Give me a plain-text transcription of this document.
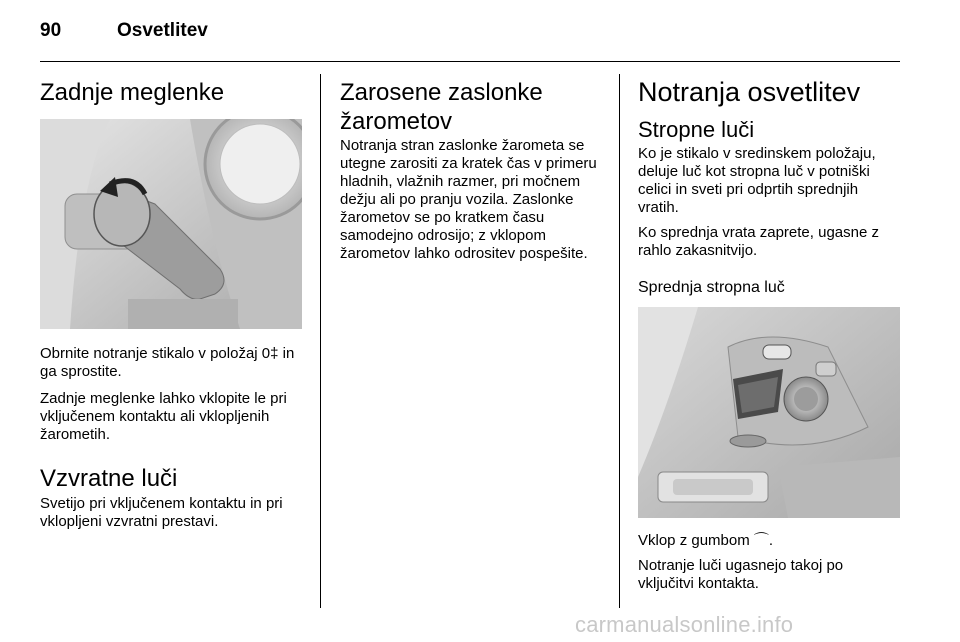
90	Osvetlitev
Zadnje meglenke

Obrnite notranje stikalo v položaj 0‡ in ga sprostite.

Zadnje meglenke lahko vklopite le pri vključenem kontaktu ali vklopljenih žarometih.

Vzvratne luči

Svetijo pri vključenem kontaktu in pri vklopljeni vzvratni prestavi.

Zarosene zaslonke žarometov

Notranja stran zaslonke žarometa se utegne zarositi za kratek čas v primeru hladnih, vlažnih razmer, pri močnem dežju ali po pranju vozila. Zaslonke žarometov se po kratkem času samodejno odrosijo; z vklopom žarometov lahko odrositev pospešite.

Notranja osvetlitev
Stropne luči

Ko je stikalo v sredinskem položaju, deluje luč kot stropna luč v potniški celici in sveti pri odprtih sprednjih vratih.

Ko sprednja vrata zaprete, ugasne z rahlo zakasnitvijo.

Sprednja stropna luč

Vklop z gumbom ⌒.

Notranje luči ugasnejo takoj po vključitvi kontakta.

carmanualsonline.info
